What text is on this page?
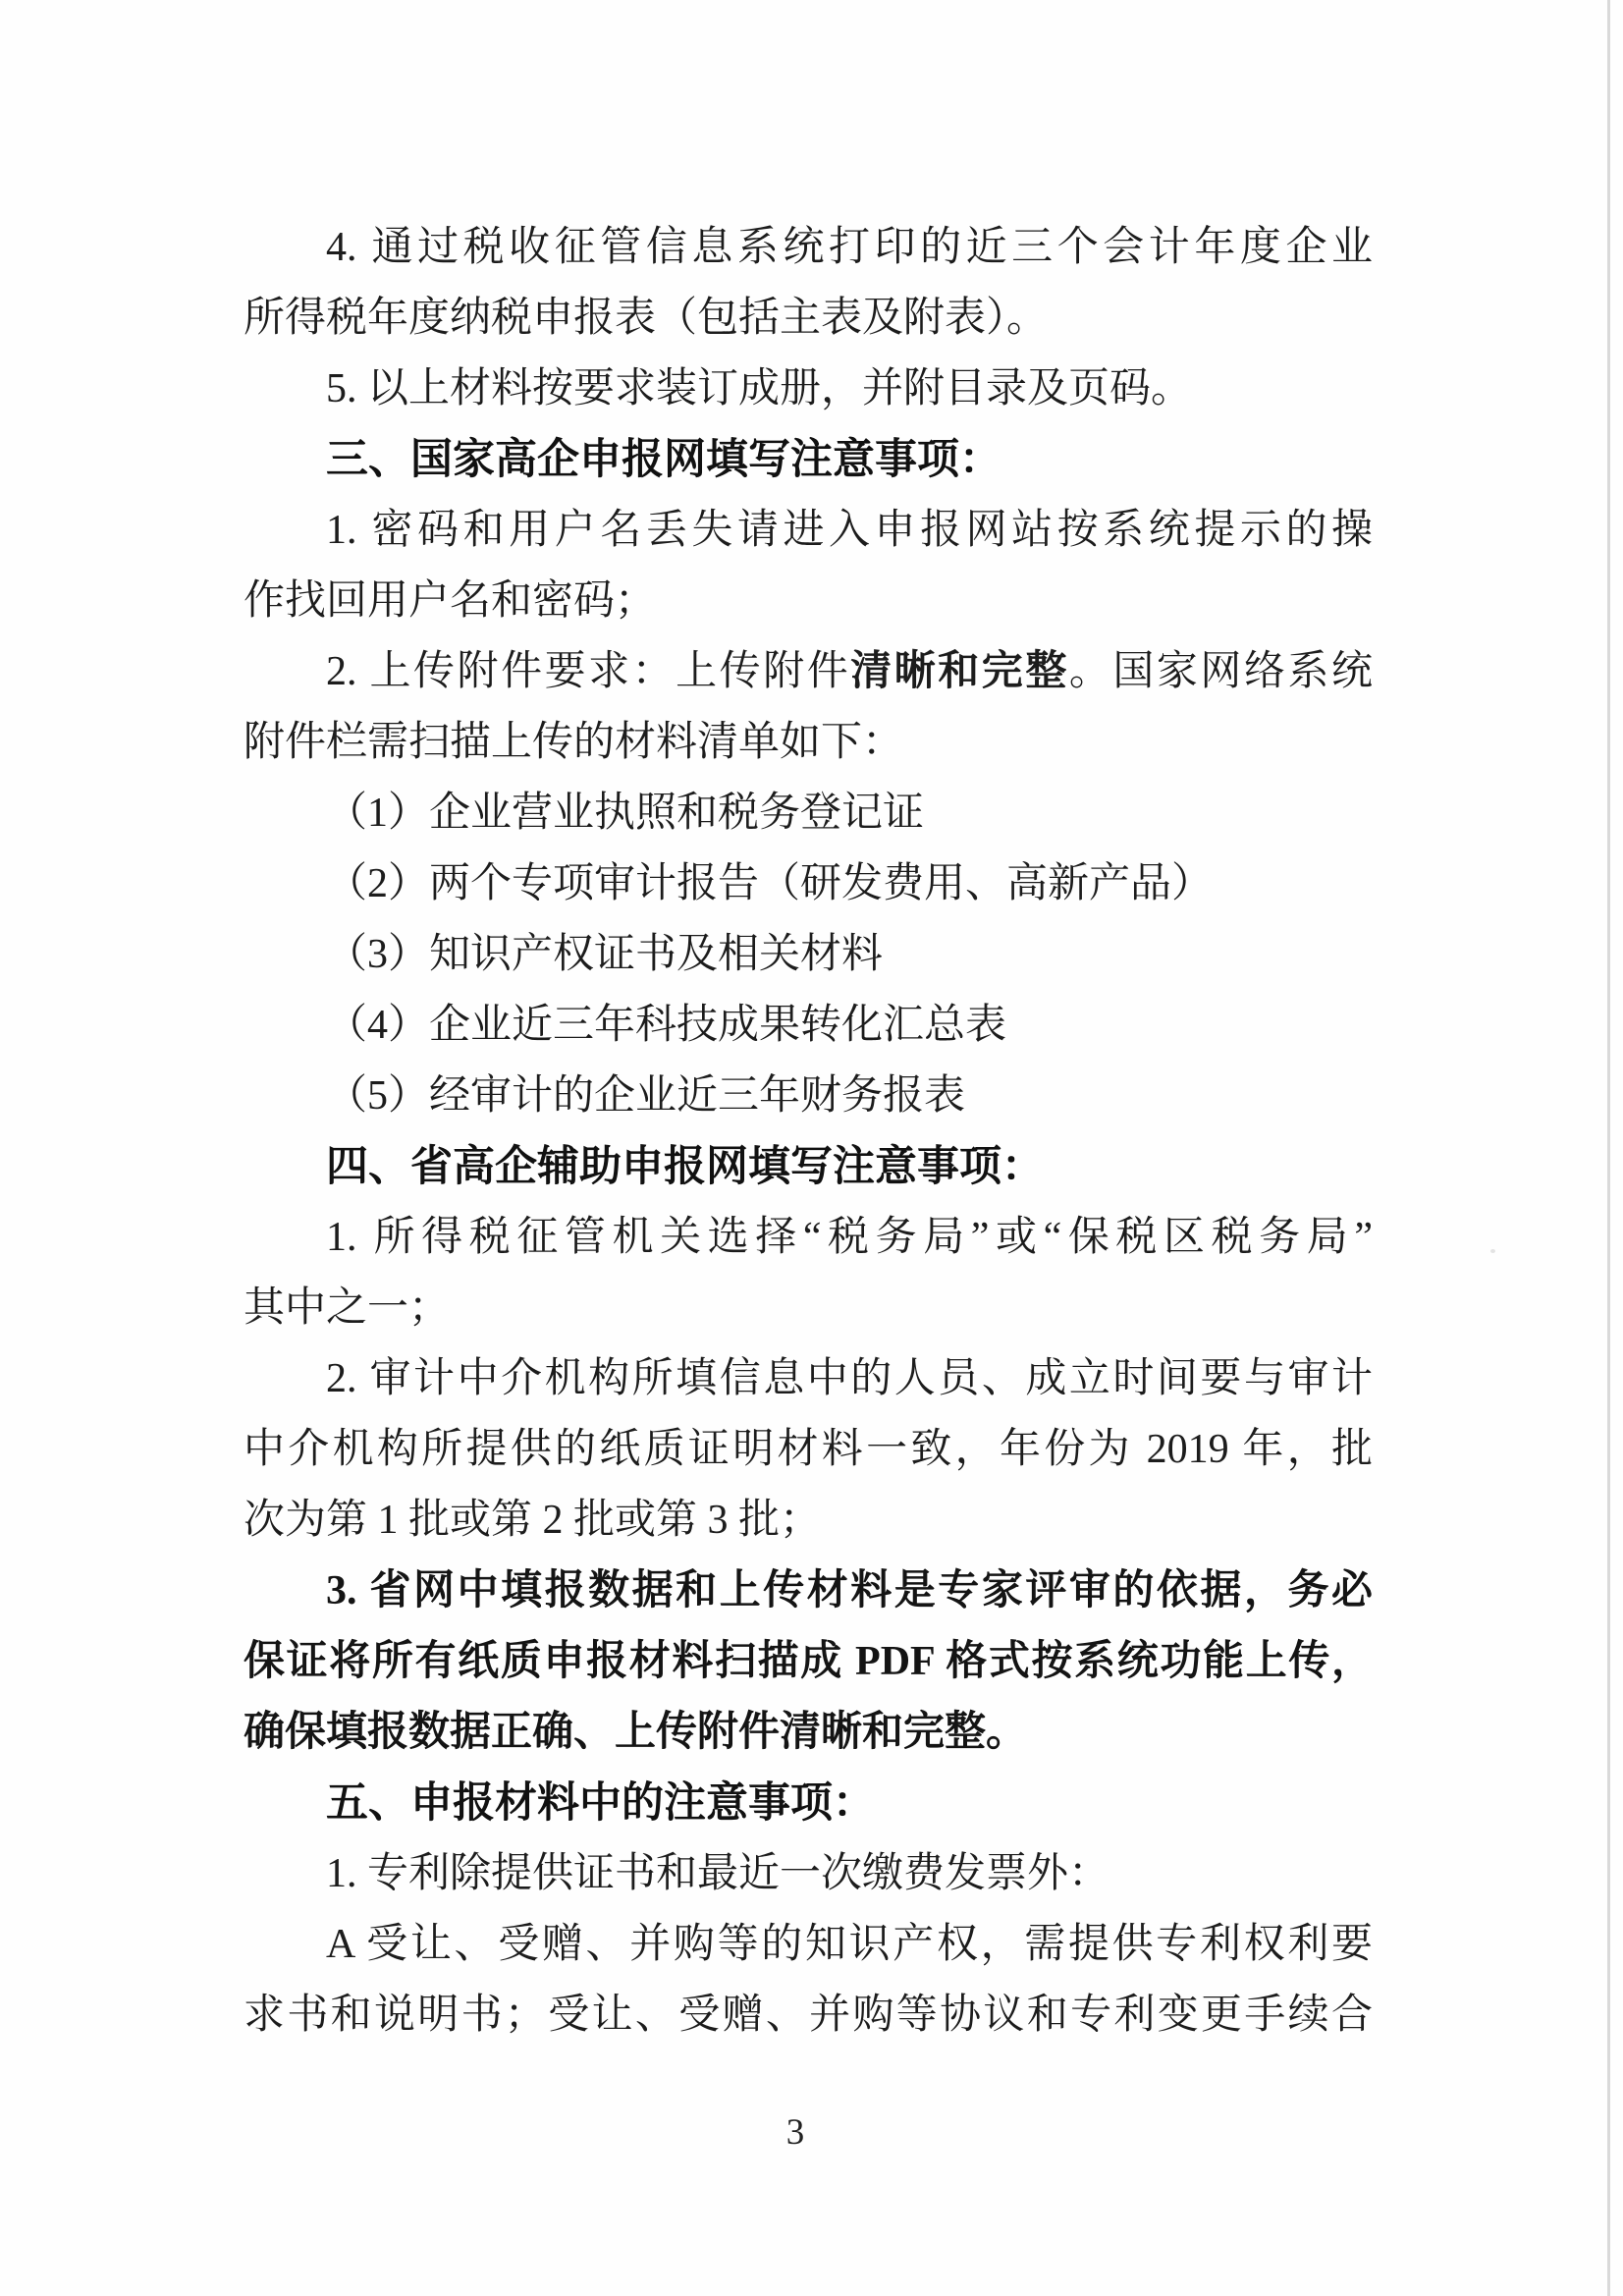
4. 通过税收征管信息系统打印的近三个会计年度企业
所得税年度纳税申报表（包括主表及附表）。
5. 以上材料按要求装订成册，并附目录及页码。
三、国家高企申报网填写注意事项：
1. 密码和用户名丢失请进入申报网站按系统提示的操
作找回用户名和密码；
2. 上传附件要求：上传附件清晰和完整。国家网络系统
附件栏需扫描上传的材料清单如下：
（1）企业营业执照和税务登记证
（2）两个专项审计报告（研发费用、高新产品）
（3）知识产权证书及相关材料
（4）企业近三年科技成果转化汇总表
（5）经审计的企业近三年财务报表
四、省高企辅助申报网填写注意事项：
1. 所得税征管机关选择“税务局”或“保税区税务局”
其中之一；
2. 审计中介机构所填信息中的人员、成立时间要与审计
中介机构所提供的纸质证明材料一致，年份为 2019 年，批
次为第 1 批或第 2 批或第 3 批；
3. 省网中填报数据和上传材料是专家评审的依据，务必
保证将所有纸质申报材料扫描成 PDF 格式按系统功能上传，
确保填报数据正确、上传附件清晰和完整。
五、申报材料中的注意事项：
1. 专利除提供证书和最近一次缴费发票外：
A 受让、受赠、并购等的知识产权，需提供专利权利要
求书和说明书；受让、受赠、并购等协议和专利变更手续合
3
